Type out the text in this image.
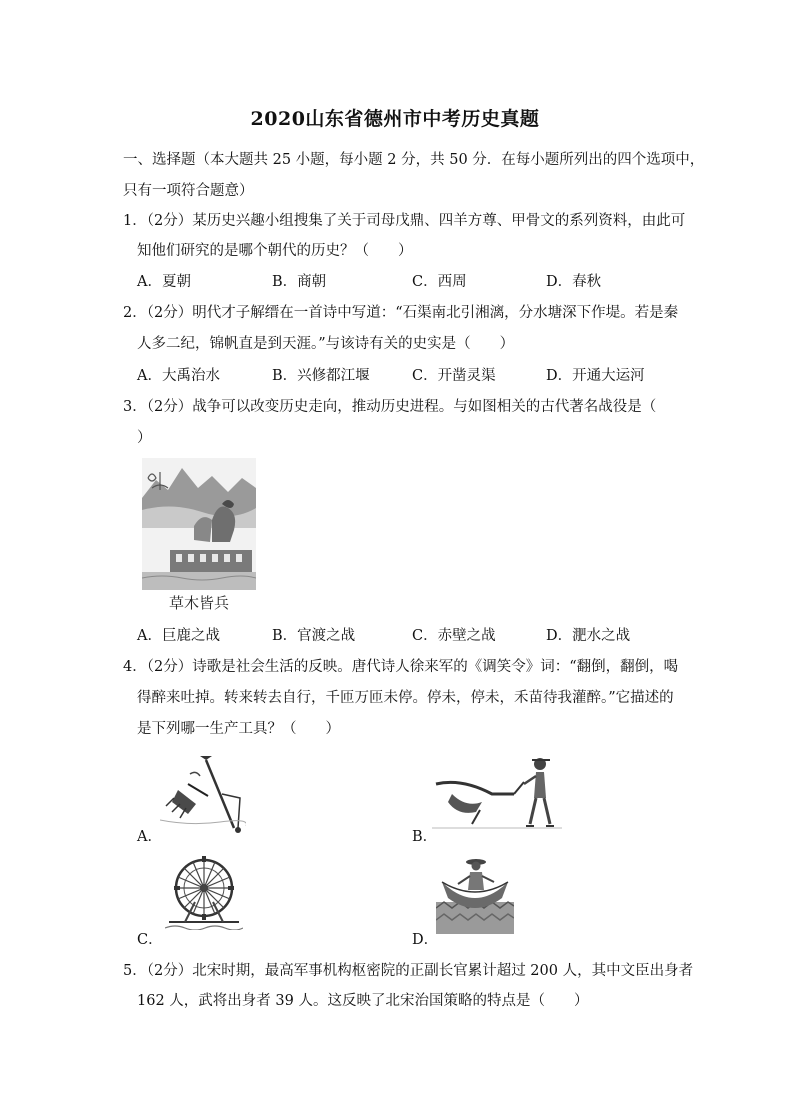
2020山东省德州市中考历史真题
一、选择题（本大题共 25 小题，每小题 2 分，共 50 分．在每小题所列出的四个选项中，
只有一项符合题意）
1．（2分）某历史兴趣小组搜集了关于司母戊鼎、四羊方尊、甲骨文的系列资料，由此可
知他们研究的是哪个朝代的历史？（　　）
A．夏朝	B．商朝	C．西周	D．春秋
2．（2分）明代才子解缙在一首诗中写道：“石渠南北引湘漓，分水塘深下作堤。若是秦
人多二纪，锦帆直是到天涯。”与该诗有关的史实是（　　）
A．大禹治水	B．兴修都江堰	C．开凿灵渠	D．开通大运河
3．（2分）战争可以改变历史走向，推动历史进程。与如图相关的古代著名战役是（
）
草木皆兵
A．巨鹿之战	B．官渡之战	C．赤壁之战	D．淝水之战
4．（2分）诗歌是社会生活的反映。唐代诗人徐来军的《调笑令》词：“翻倒，翻倒，喝
得醉来吐掉。转来转去自行，千匝万匝未停。停未，停未，禾苗待我灌醉。”它描述的
是下列哪一生产工具？（　　）
A．	B．
C．	D．
5．（2分）北宋时期，最高军事机构枢密院的正副长官累计超过 200 人，其中文臣出身者
162 人，武将出身者 39 人。这反映了北宋治国策略的特点是（　　）
